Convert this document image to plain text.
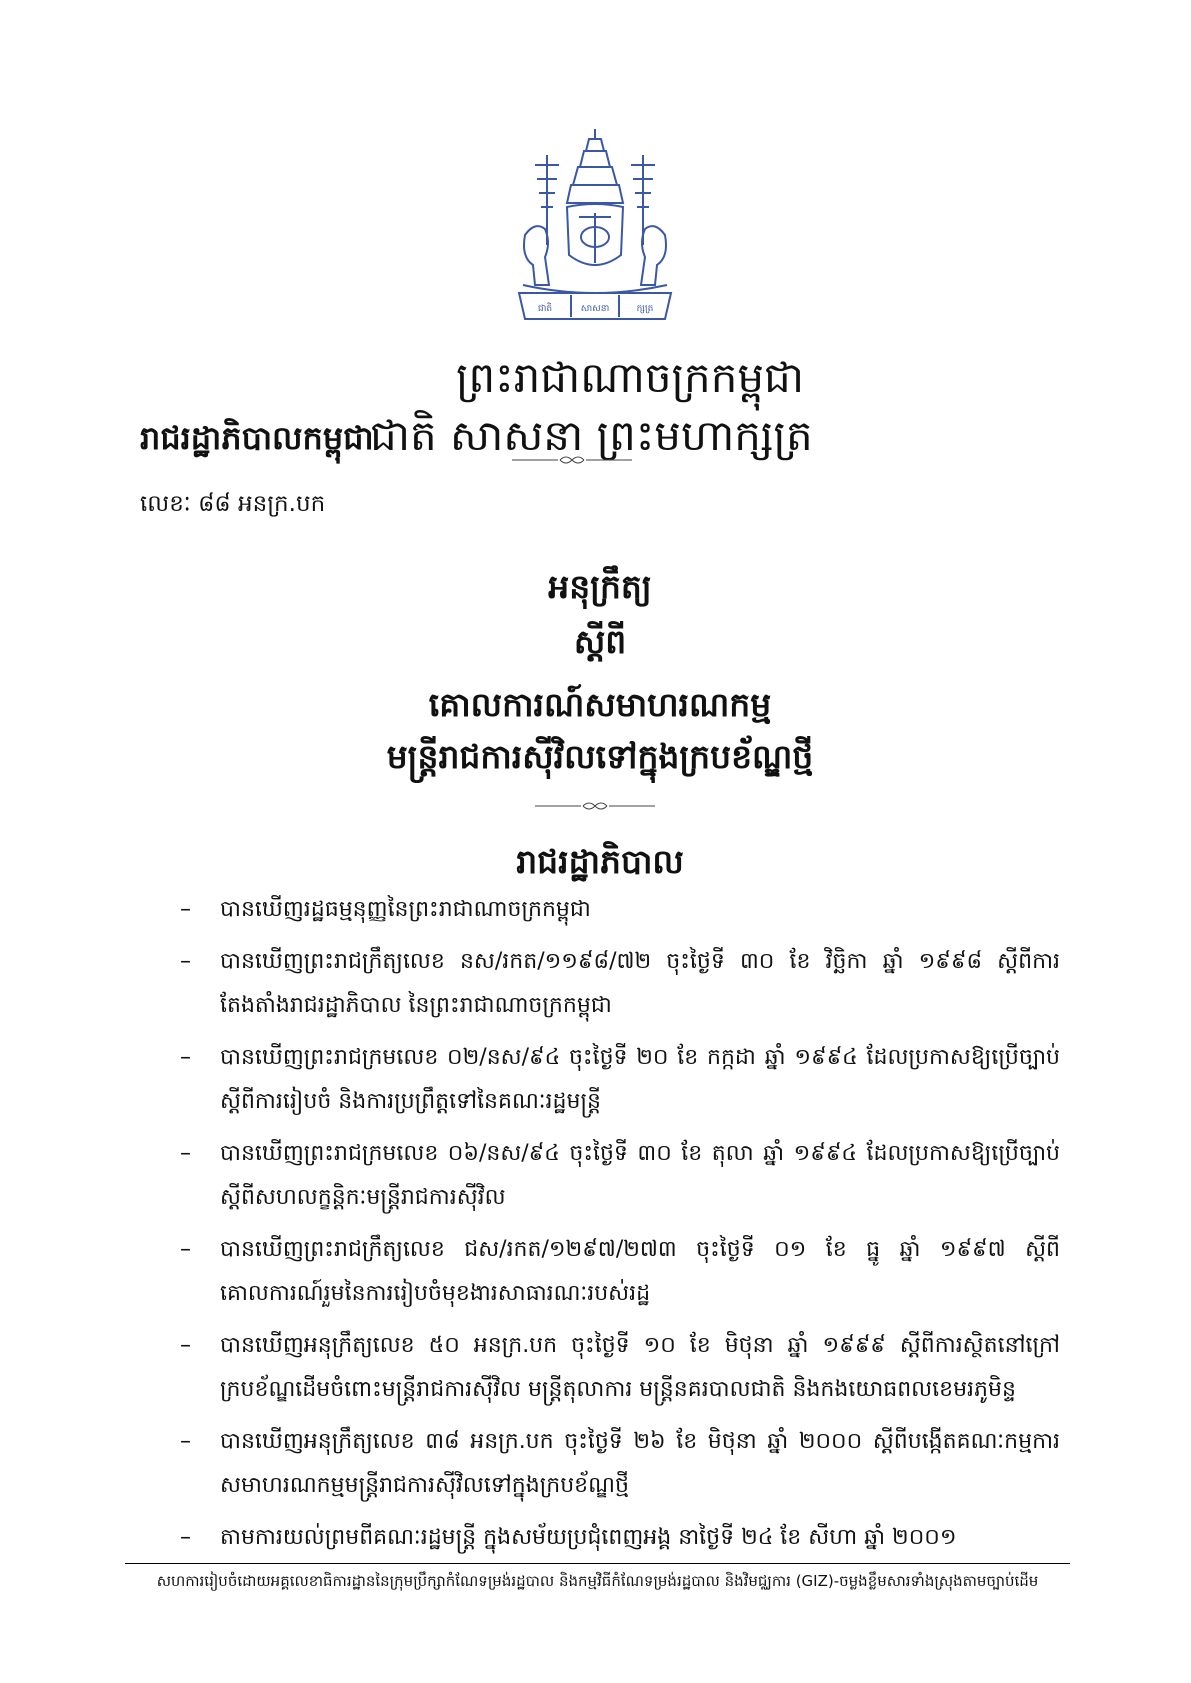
ជាតិ	សាសនា	ក្សត្រ
ព្រះរាជាណាចក្រកម្ពុជា
រាជរដ្ឋាភិបាលកម្ពុជា
ជាតិ សាសនា ព្រះមហាក្សត្រ
លេខៈ ៨៨ អនក្រ.បក
អនុក្រឹត្យ
ស្តីពី
គោលការណ៍សមាហរណកម្ម
មន្ត្រីរាជការស៊ីវិលទៅក្នុងក្របខ័ណ្ឌថ្មី
រាជរដ្ឋាភិបាល
– បានឃើញរដ្ឋធម្មនុញ្ញនៃព្រះរាជាណាចក្រកម្ពុជា
– បានឃើញព្រះរាជក្រឹត្យលេខ នស/រកត/១១៩៨/៧២ ចុះថ្ងៃទី ៣០ ខែ វិច្ឆិកា ឆ្នាំ ១៩៩៨ ស្តីពីការតែងតាំងរាជរដ្ឋាភិបាល នៃព្រះរាជាណាចក្រកម្ពុជា
– បានឃើញព្រះរាជក្រមលេខ ០២/នស/៩៤ ចុះថ្ងៃទី ២០ ខែ កក្កដា ឆ្នាំ ១៩៩៤ ដែលប្រកាសឱ្យប្រើច្បាប់ស្តីពីការរៀបចំ និងការប្រព្រឹត្តទៅនៃគណៈរដ្ឋមន្ត្រី
– បានឃើញព្រះរាជក្រមលេខ ០៦/នស/៩៤ ចុះថ្ងៃទី ៣០ ខែ តុលា ឆ្នាំ ១៩៩៤ ដែលប្រកាសឱ្យប្រើច្បាប់ស្តីពីសហលក្ខន្តិកៈមន្ត្រីរាជការស៊ីវិល
– បានឃើញព្រះរាជក្រឹត្យលេខ ជស/រកត/១២៩៧/២៧៣ ចុះថ្ងៃទី ០១ ខែ ធ្នូ ឆ្នាំ ១៩៩៧ ស្តីពីគោលការណ៍រួមនៃការរៀបចំមុខងារសាធារណៈរបស់រដ្ឋ
– បានឃើញអនុក្រឹត្យលេខ ៥០ អនក្រ.បក ចុះថ្ងៃទី ១០ ខែ មិថុនា ឆ្នាំ ១៩៩៩ ស្តីពីការស្ថិតនៅក្រៅក្របខ័ណ្ឌដើមចំពោះមន្ត្រីរាជការស៊ីវិល មន្ត្រីតុលាការ មន្ត្រីនគរបាលជាតិ និងកងយោធពលខេមរភូមិន្ទ
– បានឃើញអនុក្រឹត្យលេខ ៣៨ អនក្រ.បក ចុះថ្ងៃទី ២៦ ខែ មិថុនា ឆ្នាំ ២០០០ ស្តីពីបង្កើតគណៈកម្មការសមាហរណកម្មមន្ត្រីរាជការស៊ីវិលទៅក្នុងក្របខ័ណ្ឌថ្មី
– តាមការយល់ព្រមពីគណៈរដ្ឋមន្ត្រី ក្នុងសម័យប្រជុំពេញអង្គ នាថ្ងៃទី ២៤ ខែ សីហា ឆ្នាំ ២០០១
សហការរៀបចំដោយអគ្គលេខាធិការដ្ឋាននៃក្រុមប្រឹក្សាកំណែទម្រង់រដ្ឋបាល និងកម្មវិធីកំណែទម្រង់រដ្ឋបាល និងវិមជ្ឈការ (GIZ)-ចម្លងខ្លឹមសារទាំងស្រុងតាមច្បាប់ដើម
